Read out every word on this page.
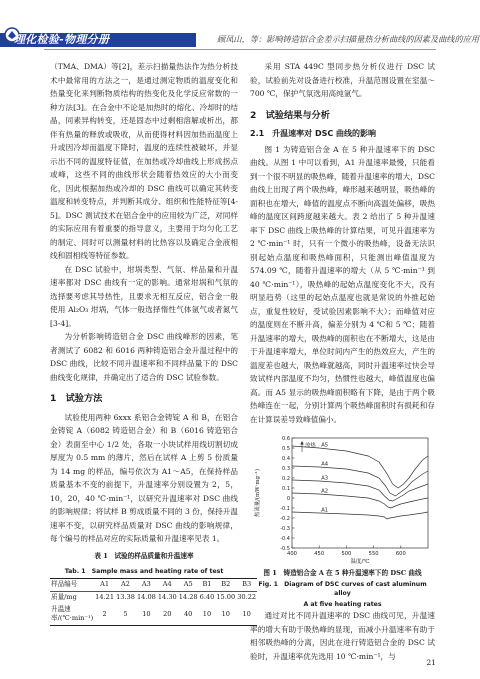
理化检验-物理分册	顾凤山，等：影响铸造铝合金差示扫描量热分析曲线的因素及曲线的应用

（TMA、DMA）等[2]，差示扫描量热法作为热分析技术中最常用的方法之一，是通过测定物质的温度变化和热量变化来判断物质结构的热变化及化学反应常数的一种方法[3]。在合金中不论是加热时的熔化、冷却时的结晶，同素异构转变，还是固态中过剩相溶解或析出，都伴有热量的释放或吸收，从而使得材料因加热而温度上升或因冷却而温度下降时，温度的连续性被破坏，并显示出不同的温度特征值，在加热或冷却曲线上形成拐点或峰，这些不同的曲线形状会随着热效应的大小而变化，因此根据加热或冷却的 DSC 曲线可以确定其转变温度和转变特点，并判断其成分、组织和性能特征等[4-5]。DSC 测试技术在铝合金中的应用较为广泛，对同样的实际应用有着重要的指导意义，主要用于均匀化工艺的制定、同时可以测量材料的比热容以及确定合金液相线和固相线等特征参数。

在 DSC 试验中，坩埚类型、气氛、样品量和升温速率都对 DSC 曲线有一定的影响。通常坩埚和气氛的选择要考虑其导热性，且要求无相互反应，铝合金一般使用 Al₂O₃ 坩埚，气体一般选择惰性气体氩气或者氮气[3-4]。

为分析影响铸造铝合金 DSC 曲线峰形的因素，笔者测试了 6082 和 6016 两种铸造铝合金升温过程中的 DSC 曲线，比较不同升温速率和不同样品量下的 DSC 曲线变化规律，并确定出了适合的 DSC 试验参数。

1　试验方法

试验使用两种 6xxx 系铝合金铸锭 A 和 B，在铝合金铸锭 A（6082 铸造铝合金）和 B（6016 铸造铝合金）表面至中心 1/2 处，各取一小块试样用线切割切成厚度为 0.5 mm 的薄片，然后在试样 A 上剪 5 份质量为 14 mg 的样品，编号依次为 A1～A5，在保持样品质量基本不变的前提下，升温速率分别设置为 2，5，10，20，40 ℃·min⁻¹，以研究升温速率对 DSC 曲线的影响规律；将试样 B 剪成质量不同的 3 份，保持升温速率不变，以研究样品质量对 DSC 曲线的影响规律，每个编号的样品对应的实际质量和升温速率见表 1。

表 1　试验的样品质量和升温速率
Tab. 1　Sample mass and heating rate of test
样品编号	A1	A2	A3	A4	A5	B1	B2	B3
质量/mg	14.21	13.38	14.08	14.30	14.28	6.40	15.00	30.22
升温速率/(℃·min⁻¹)	2	5	10	20	40	10	10	10

采用 STA 449C 型同步热分析仪进行 DSC 试验，试验前先对设备进行校准，升温范围设置在室温～700 ℃，保护气氛选用高纯氩气。

2　试验结果与分析
2.1　升温速率对 DSC 曲线的影响

图 1 为铸造铝合金 A 在 5 种升温速率下的 DSC 曲线。从图 1 中可以看到，A1 升温速率最慢，只能看到一个很不明显的吸热峰，随着升温速率的增大，DSC 曲线上出现了两个吸热峰，峰形越来越明显，吸热峰的面积也在增大，峰值的温度点不断向高温处偏移，吸热峰的温度区间跨度越来越大。表 2 给出了 5 种升温速率下 DSC 曲线上吸热峰的计算结果，可见升温速率为 2 ℃·min⁻¹ 时，只有一个微小的吸热峰，设备无法识别起始点温度和吸热峰面积，只能测出峰值温度为 574.09 ℃，随着升温速率的增大（从 5 ℃·min⁻¹ 到 40 ℃·min⁻¹），吸热峰的起始点温度变化不大，没有明显趋势（这里的起始点温度也就是常说的外推起始点，重复性较好，受试验因素影响不大）；而峰值对应的温度则在不断升高，偏差分别为 4 ℃和 5 ℃；随着升温速率的增大，吸热峰的面积也在不断增大，这是由于升温速率增大，单位时间内产生的热效应大，产生的温度差也越大，吸热峰就越高，同时升温速率过快会导致试样内部温度不均匀，热惯性也越大，峰值温度也偏高。而 A5 显示的吸热峰面积略有下降，是由于两个吸热峰连在一起，分别计算两个吸热峰面积时有损耗和存在计算误差导致峰值偏小。

-0.5
-0.4
-0.3
-0.2
-0.1
0
0.1
0.2
0.3
0.4
0.5
0.6
400	450	500	550	600
温度/℃
热流量/(mW·mg⁻¹)
放热 A5
A4
A3
A2
A1
图 1　铸造铝合金 A 在 5 种升温速率下的 DSC 曲线
Fig. 1　Diagram of DSC curves of cast aluminum alloy
A at five heating rates

通过对比不同升温速率的 DSC 曲线可见，升温速率的增大有助于吸热峰的显现，而减小升温速率有助于相邻吸热峰的分离，因此在进行铸造铝合金的 DSC 试验时，升温速率优先选用 10 ℃·min⁻¹，与

21
